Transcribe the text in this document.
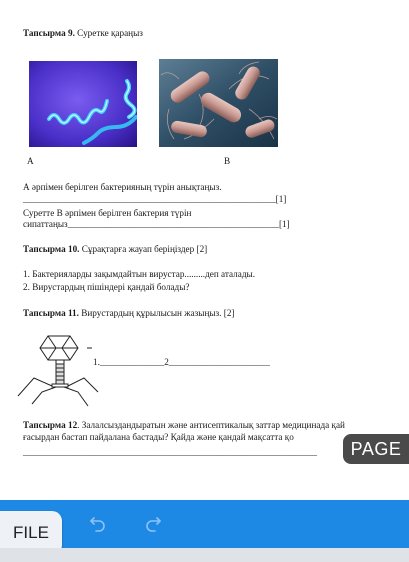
Тапсырма 9. Суретке қараңыз
А	В
А әрпімен берілген бактерияның түрін анықтаңыз.
_______________________________________________________[1]
Суретте В әрпімен берілген бактерия түрін
сипаттаңыз______________________________________________[1]
Тапсырма 10. Сұрақтарға жауап беріңіздер [2]
1. Бактерияларды зақымдайтын вирустар.........деп аталады.
2. Вирустардың пішіндері қандай болады?
Тапсырма 11. Вирустардың құрылысын жазыңыз. [2]
1.______________2______________________
Тапсырма 12. Залалсыздандыратын және антисептикалық заттар медицинада қай
ғасырдан бастап пайдалана бастады? Қайда және қандай мақсатта қо
________________________________________________________________	PAGE
FILE
